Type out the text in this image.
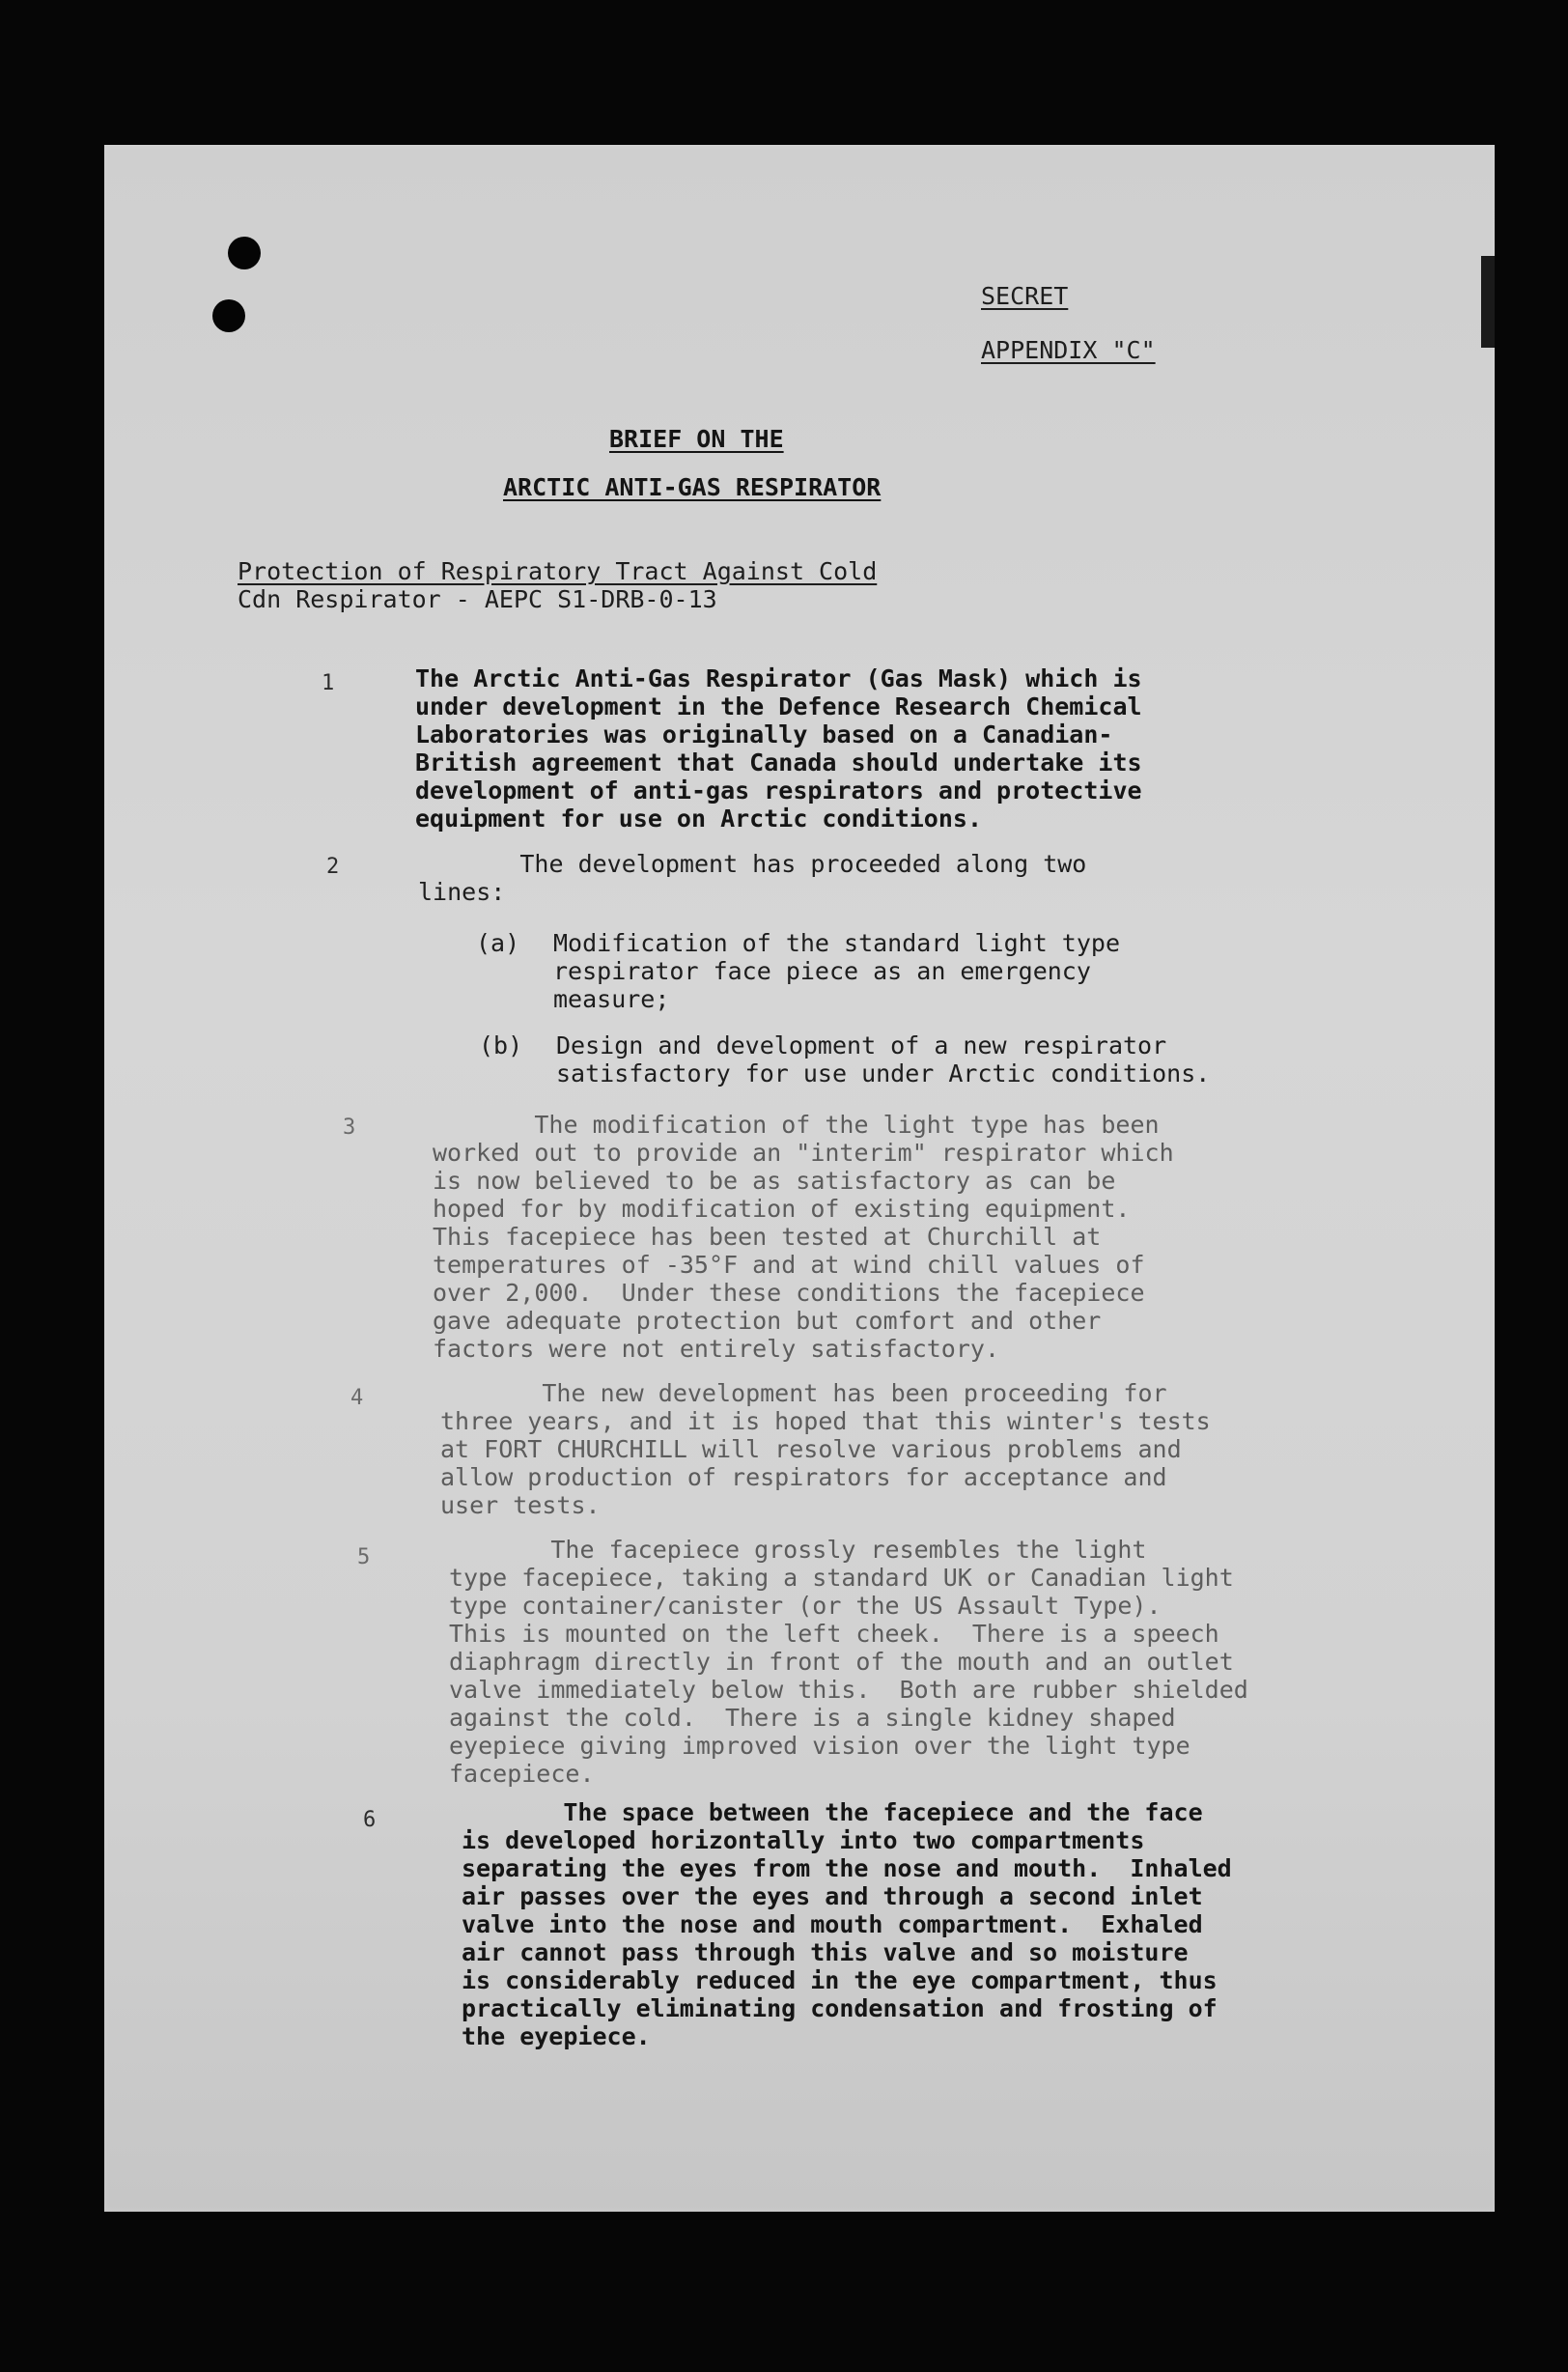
SECRET
APPENDIX "C"
BRIEF ON THE
ARCTIC ANTI-GAS RESPIRATOR
Protection of Respiratory Tract Against Cold
Cdn Respirator - AEPC S1-DRB-0-13
1	The Arctic Anti-Gas Respirator (Gas Mask) which is
under development in the Defence Research Chemical
Laboratories was originally based on a Canadian-
British agreement that Canada should undertake its
development of anti-gas respirators and protective
equipment for use on Arctic conditions.
2	The development has proceeded along two
lines:
(a) Modification of the standard light type
respirator face piece as an emergency
measure;
(b) Design and development of a new respirator
satisfactory for use under Arctic conditions.
3	The modification of the light type has been
worked out to provide an "interim" respirator which
is now believed to be as satisfactory as can be
hoped for by modification of existing equipment.
This facepiece has been tested at Churchill at
temperatures of -35°F and at wind chill values of
over 2,000.  Under these conditions the facepiece
gave adequate protection but comfort and other
factors were not entirely satisfactory.
4	The new development has been proceeding for
three years, and it is hoped that this winter's tests
at FORT CHURCHILL will resolve various problems and
allow production of respirators for acceptance and
user tests.
5	The facepiece grossly resembles the light
type facepiece, taking a standard UK or Canadian light
type container/canister (or the US Assault Type).
This is mounted on the left cheek.  There is a speech
diaphragm directly in front of the mouth and an outlet
valve immediately below this.  Both are rubber shielded
against the cold.  There is a single kidney shaped
eyepiece giving improved vision over the light type
facepiece.
6	The space between the facepiece and the face
is developed horizontally into two compartments
separating the eyes from the nose and mouth.  Inhaled
air passes over the eyes and through a second inlet
valve into the nose and mouth compartment.  Exhaled
air cannot pass through this valve and so moisture
is considerably reduced in the eye compartment, thus
practically eliminating condensation and frosting of
the eyepiece.
